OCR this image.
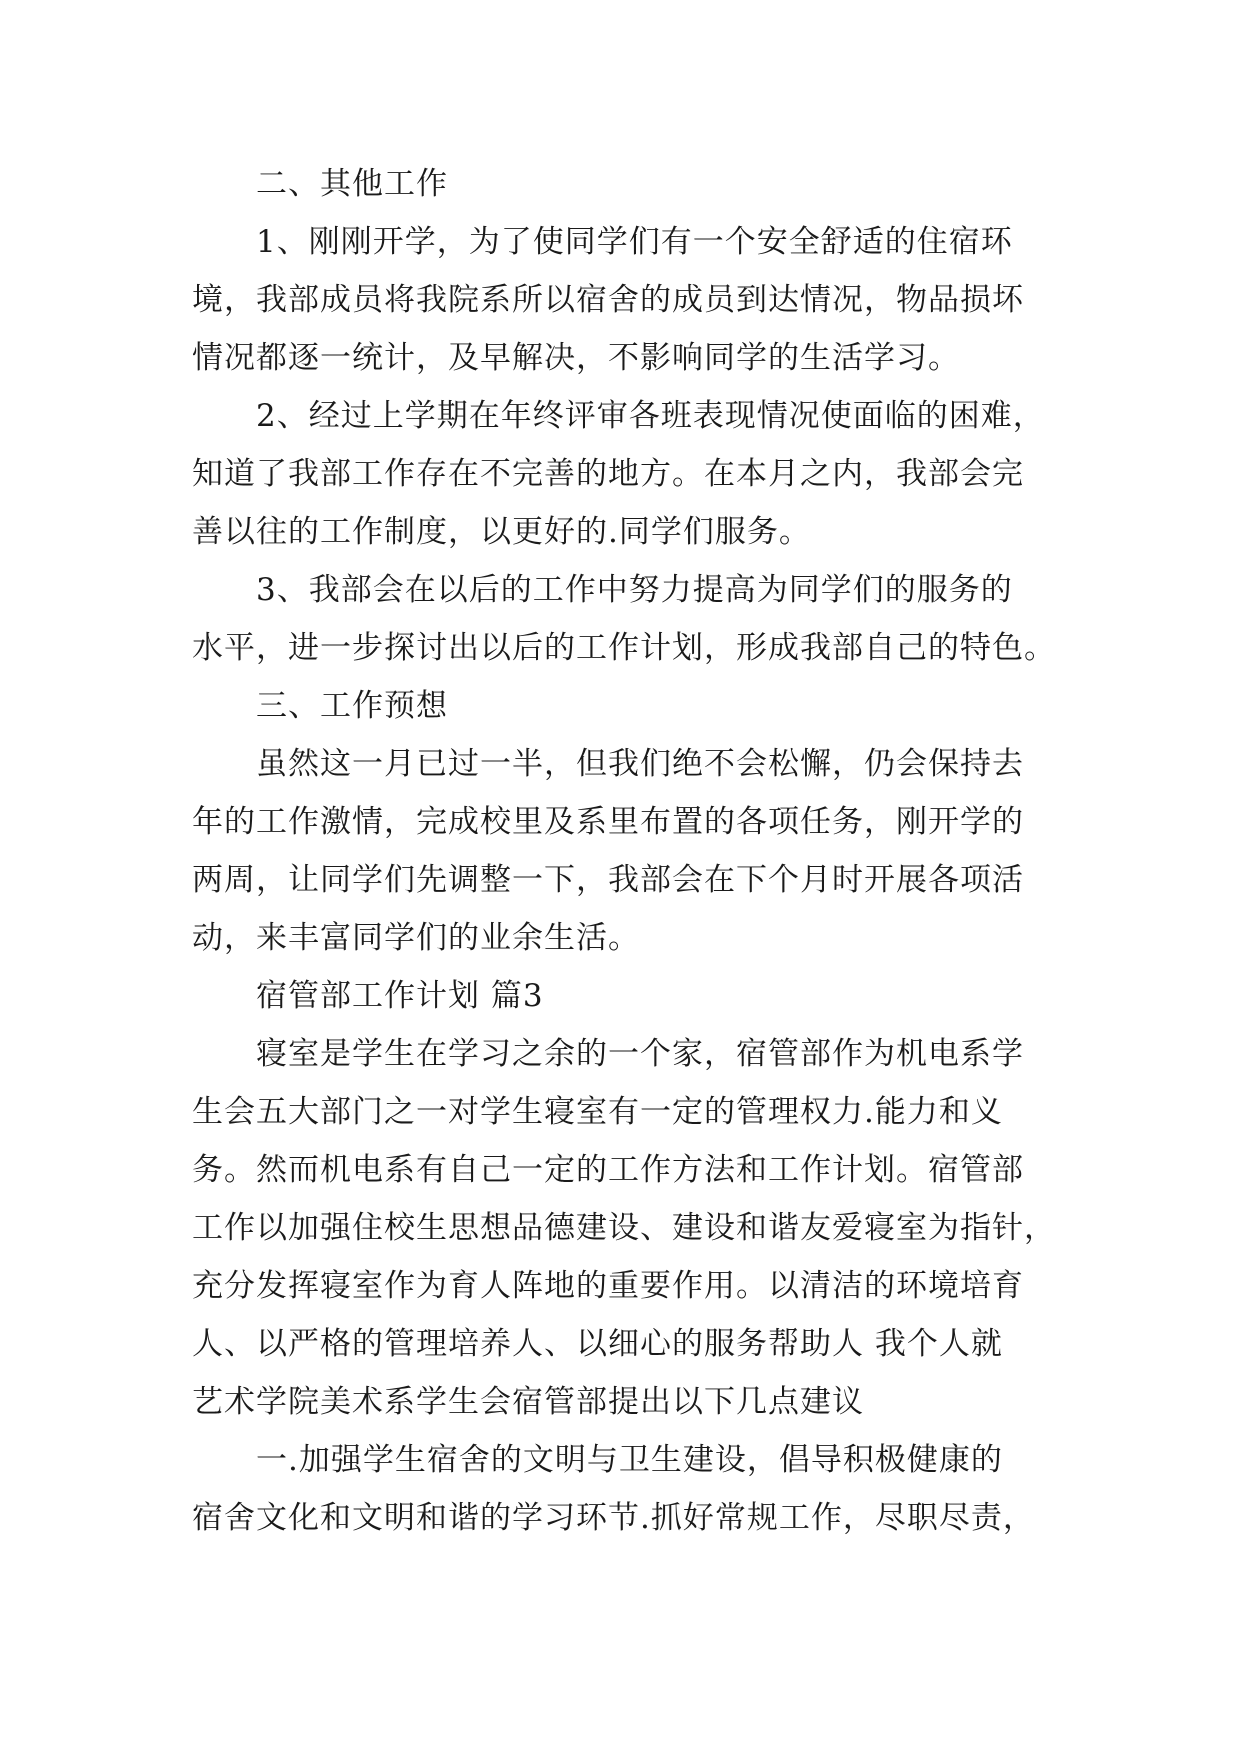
二、其他工作
1、刚刚开学，为了使同学们有一个安全舒适的住宿环
境，我部成员将我院系所以宿舍的成员到达情况，物品损坏
情况都逐一统计，及早解决，不影响同学的生活学习。
2、经过上学期在年终评审各班表现情况使面临的困难，
知道了我部工作存在不完善的地方。在本月之内，我部会完
善以往的工作制度，以更好的.同学们服务。
3、我部会在以后的工作中努力提高为同学们的服务的
水平，进一步探讨出以后的工作计划，形成我部自己的特色。
三、工作预想
虽然这一月已过一半，但我们绝不会松懈，仍会保持去
年的工作激情，完成校里及系里布置的各项任务，刚开学的
两周，让同学们先调整一下，我部会在下个月时开展各项活
动，来丰富同学们的业余生活。
宿管部工作计划 篇3
寝室是学生在学习之余的一个家，宿管部作为机电系学
生会五大部门之一对学生寝室有一定的管理权力.能力和义
务。然而机电系有自己一定的工作方法和工作计划。宿管部
工作以加强住校生思想品德建设、建设和谐友爱寝室为指针，
充分发挥寝室作为育人阵地的重要作用。以清洁的环境培育
人、以严格的管理培养人、以细心的服务帮助人 我个人就
艺术学院美术系学生会宿管部提出以下几点建议
一.加强学生宿舍的文明与卫生建设，倡导积极健康的
宿舍文化和文明和谐的学习环节.抓好常规工作，尽职尽责，
